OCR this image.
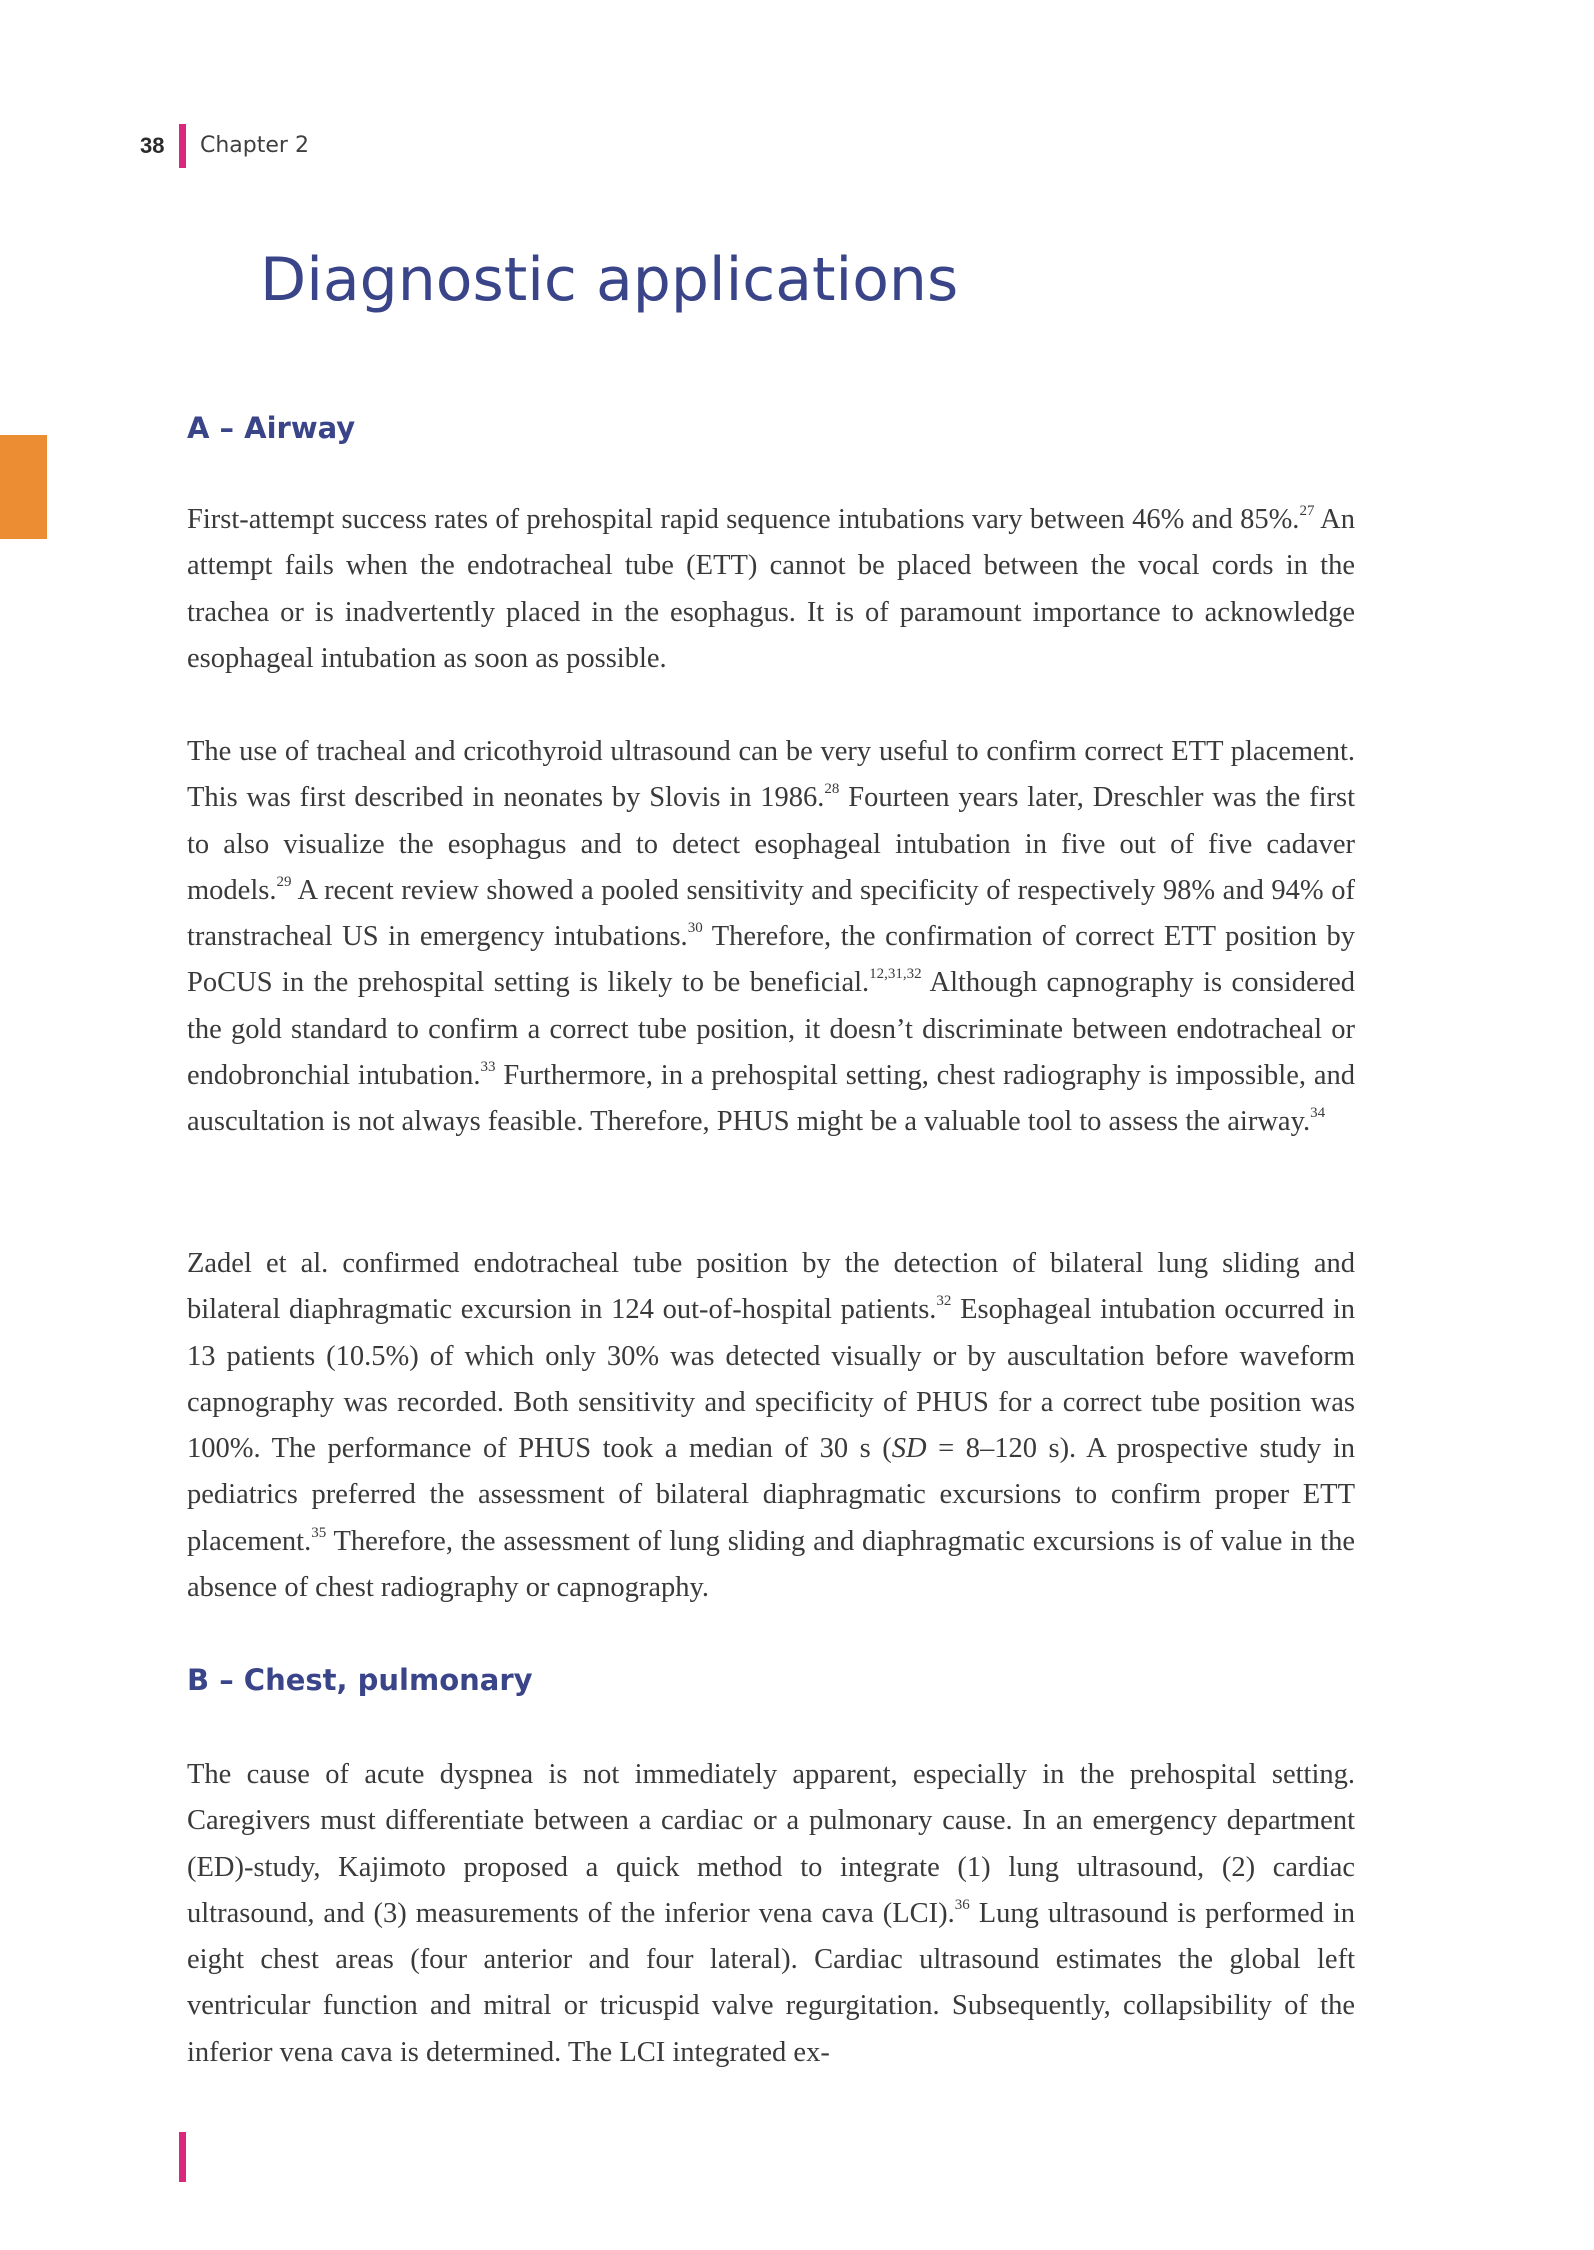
38 Chapter 2
Diagnostic applications
A – Airway

First-attempt success rates of prehospital rapid sequence intubations vary between 46% and 85%.$^{27}$ An attempt fails when the endotracheal tube (ETT) cannot be placed between the vocal cords in the trachea or is inadvertently placed in the esophagus. It is of paramount importance to acknowledge esophageal intubation as soon as possible.

The use of tracheal and cricothyroid ultrasound can be very useful to confirm correct ETT placement. This was first described in neonates by Slovis in 1986.28 Fourteen years later, Dreschler was the first to also visualize the esophagus and to detect esophageal intubation in five out of five cadaver models.$^{29}$ A recent review showed a pooled sensitivity and specificity of respectively 98% and 94% of transtracheal US in emergency intubations.$^{30}$ Therefore, the confirmation of correct ETT position by PoCUS in the prehospital setting is likely to be beneficial.$^{12,31,32}$ Although capnography is considered the gold standard to confirm a correct tube position, it doesn’t discriminate between endotracheal or endobronchial intubation.$^{33}$ Furthermore, in a prehospital setting, chest radiography is impossible, and auscultation is not always feasible. Therefore, PHUS might be a valuable tool to assess the airway.$^{34}$

Zadel et al. confirmed endotracheal tube position by the detection of bilateral lung sliding and bilateral diaphragmatic excursion in 124 out-of-hospital patients.$^{32}$ Esophageal intubation occurred in 13 patients (10.5%) of which only 30% was detected visually or by auscultation before waveform capnography was recorded. Both sensitivity and specificity of PHUS for a correct tube position was 100%. The performance of PHUS took a median of 30 s (SD = 8–120 s). A prospective study in pediatrics preferred the assessment of bilateral diaphragmatic excursions to confirm proper ETT placement.$^{35}$ Therefore, the assessment of lung sliding and diaphragmatic excursions is of value in the absence of chest radiography or capnography.

B – Chest, pulmonary

The cause of acute dyspnea is not immediately apparent, especially in the prehospital setting. Caregivers must differentiate between a cardiac or a pulmonary cause. In an emergency department (ED)-study, Kajimoto proposed a quick method to integrate (1) lung ultrasound, (2) cardiac ultrasound, and (3) measurements of the inferior vena cava (LCI).$^{36}$ Lung ultrasound is performed in eight chest areas (four anterior and four lateral). Cardiac ultrasound estimates the global left ventricular function and mitral or tricuspid valve regurgitation. Subsequently, collapsibility of the inferior vena cava is determined. The LCI integrated ex-
